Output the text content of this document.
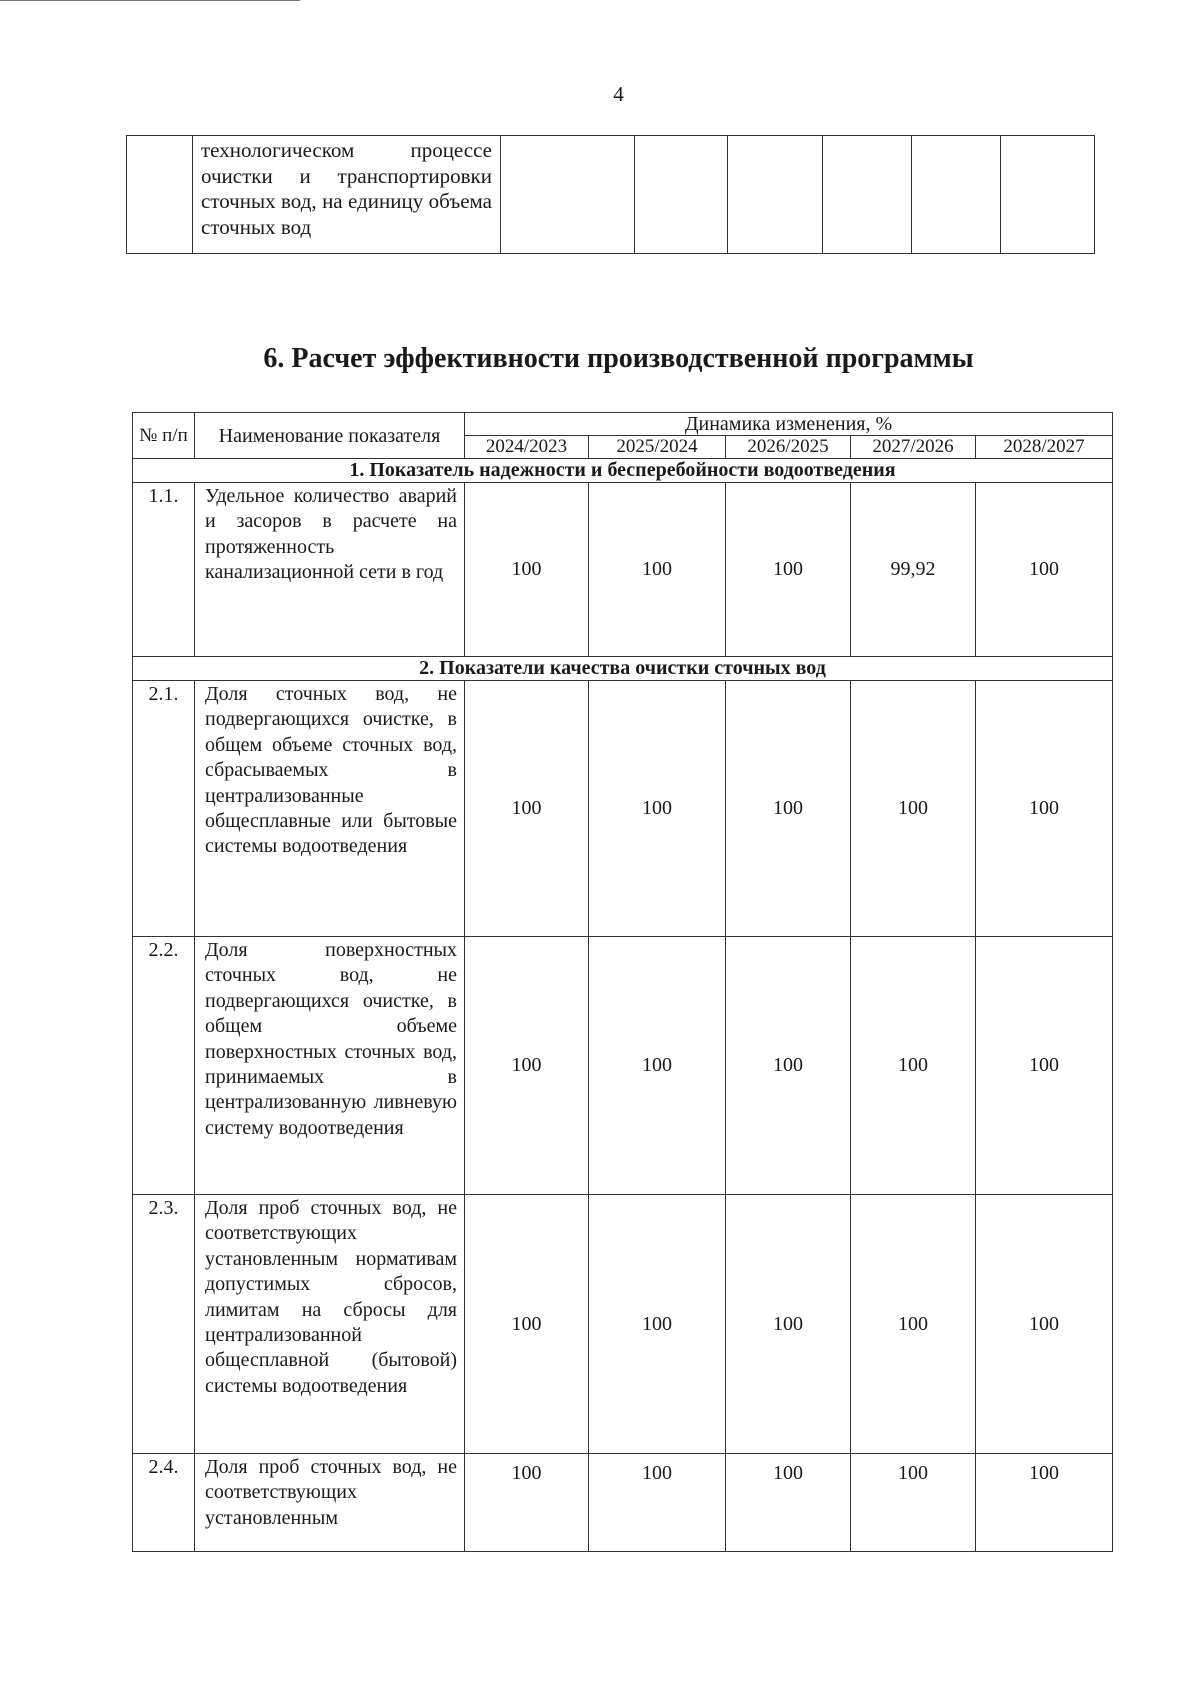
4
	технологическом процессе очистки и транспортировки сточных вод, на единицу объема сточных вод						
6. Расчет эффективности производственной программы
№ п/п	Наименование показателя	Динамика изменения, %				
		2024/2023	2025/2024	2026/2025	2027/2026	2028/2027
1. Показатель надежности и бесперебойности водоотведения						
1.1.	Удельное количество аварий и засоров в расчете на протяженность канализационной сети в год	100	100	100	99,92	100
2. Показатели качества очистки сточных вод						
2.1.	Доля сточных вод, не подвергающихся очистке, в общем объеме сточных вод, сбрасываемых в централизованные общесплавные или бытовые системы водоотведения	100	100	100	100	100
2.2.	Доля поверхностных сточных вод, не подвергающихся очистке, в общем объеме поверхностных сточных вод, принимаемых в централизованную ливневую систему водоотведения	100	100	100	100	100
2.3.	Доля проб сточных вод, не соответствующих установленным нормативам допустимых сбросов, лимитам на сбросы для централизованной общесплавной (бытовой) системы водоотведения	100	100	100	100	100
2.4.	Доля проб сточных вод, не соответствующих установленным	100	100	100	100	100
